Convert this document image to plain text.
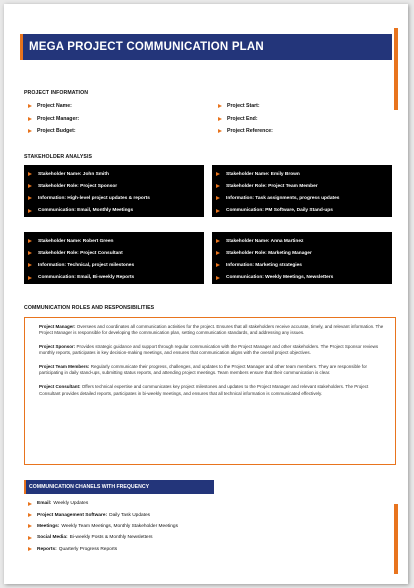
MEGA PROJECT COMMUNICATION PLAN
PROJECT INFORMATION
Project Name:
Project Manager:
Project Budget:
Project Start:
Project End:
Project Reference:
STAKEHOLDER ANALYSIS
Stakeholder Name: John Smith
Stakeholder Role: Project Sponsor
Information: High-level project updates & reports
Communication: Email, Monthly Meetings
Stakeholder Name: Emily Brown
Stakeholder Role: Project Team Member
Information: Task assignments, progress updates
Communication: PM Software, Daily Stand-ups
Stakeholder Name: Robert Green
Stakeholder Role: Project Consultant
Information: Technical, project milestones
Communication: Email, Bi-weekly Reports
Stakeholder Name: Anna Martinez
Stakeholder Role: Marketing Manager
Information: Marketing strategies
Communication: Weekly Meetings, Newsletters
COMMUNICATION ROLES AND RESPONSIBILITIES

Project Manager: Oversees and coordinates all communication activities for the project. Ensures that all stakeholders receive accurate, timely, and relevant information. The Project Manager is responsible for developing the communication plan, setting communication standards, and addressing any issues.

Project Sponsor: Provides strategic guidance and support through regular communication with the Project Manager and other stakeholders. The Project Sponsor reviews monthly reports, participates in key decision-making meetings, and ensures that communication aligns with the overall project objectives.

Project Team Members: Regularly communicate their progress, challenges, and updates to the Project Manager and other team members. They are responsible for participating in daily stand-ups, submitting status reports, and attending project meetings. Team members ensure that their communication is clear.

Project Consultant: Offers technical expertise and communicates key project milestones and updates to the Project Manager and relevant stakeholders. The Project Consultant provides detailed reports, participates in bi-weekly meetings, and ensures that all technical information is communicated effectively.

COMMUNICATION CHANELS WITH FREQUENCY
Email: Weekly Updates
Project Management Software: Daily Task Updates
Meetings: Weekly Team Meetings, Monthly Stakeholder Meetings
Social Media: Bi-weekly Posts & Monthly Newsletters
Reports: Quarterly Progress Reports
